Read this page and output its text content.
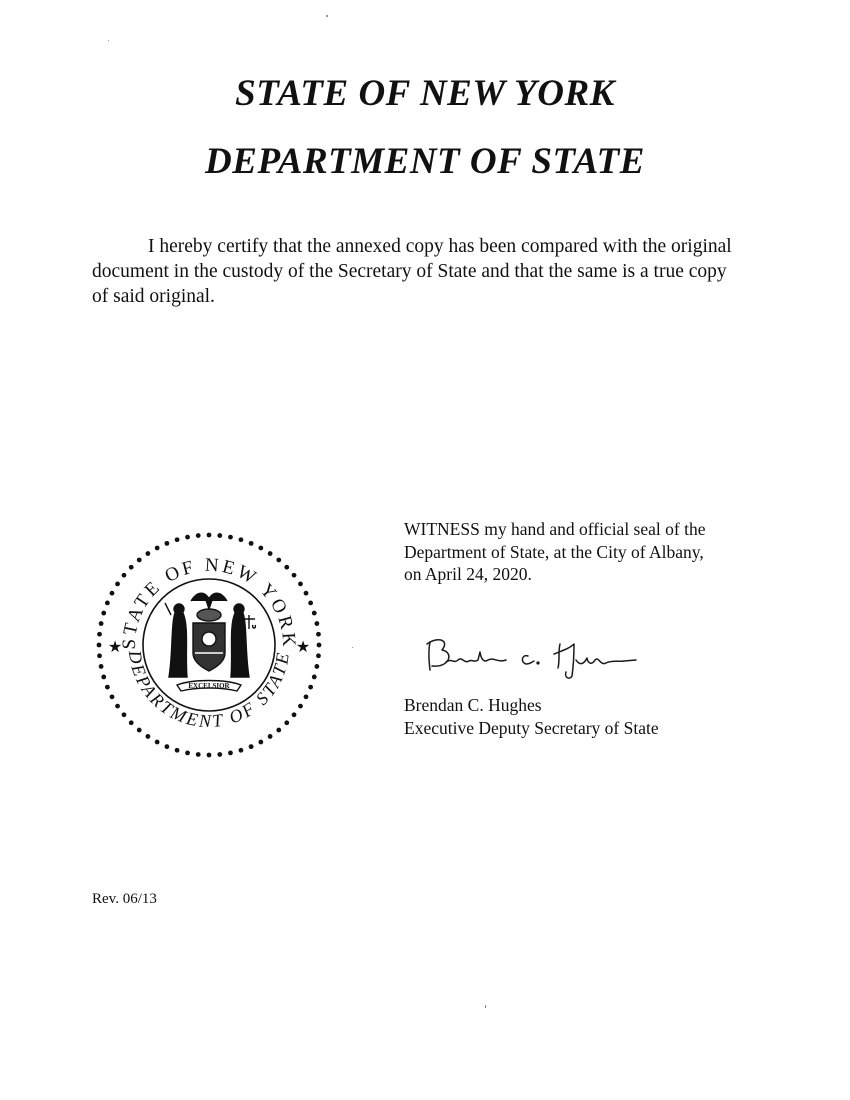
STATE OF NEW YORK
DEPARTMENT OF STATE

I hereby certify that the annexed copy has been compared with the original document in the custody of the Secretary of State and that the same is a true copy of said original.

WITNESS my hand and official seal of the
Department of State, at the City of Albany,
on April 24, 2020.
Brendan C. Hughes
Executive Deputy Secretary of State
STATE OF NEW YORK
DEPARTMENT OF STATE
★	★
EXCELSIOR
Rev. 06/13
